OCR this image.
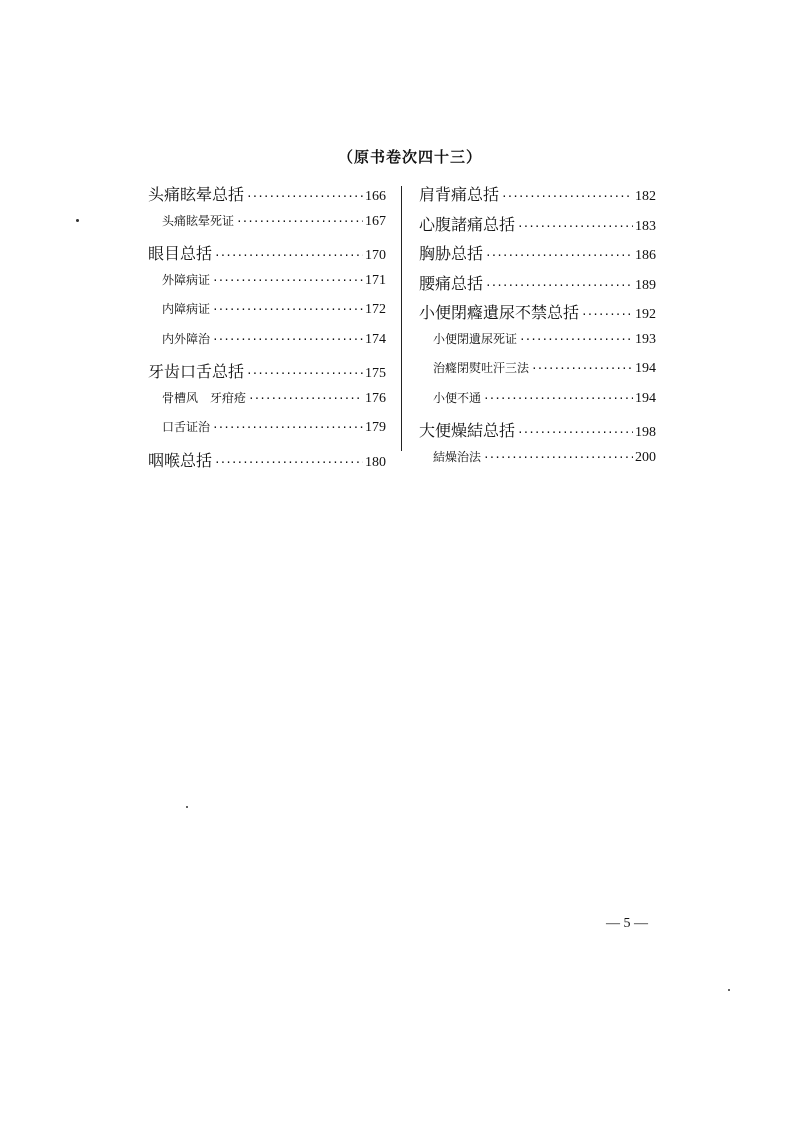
（原书卷次四十三）
头痛眩晕总括 ·····	166
头痛眩晕死证 ·····	167
眼目总括 ·····	170
外障病证 ·····	171
内障病证 ·····	172
内外障治 ·····	174
牙齿口舌总括 ·····	175
骨槽风　牙疳疮 ·····	176
口舌证治 ·····	179
咽喉总括 ·····	180
肩背痛总括 ·····	182
心腹諸痛总括 ·····	183
胸胁总括 ·····	186
腰痛总括 ·····	189
小便閉癃遺尿不禁总括 ·····	192
小便閉遺尿死证 ·····	193
治癃閉熨吐汗三法 ·····	194
小便不通 ·····	194
大便燥結总括 ·····	198
結燥治法 ·····	200
— 5 —
